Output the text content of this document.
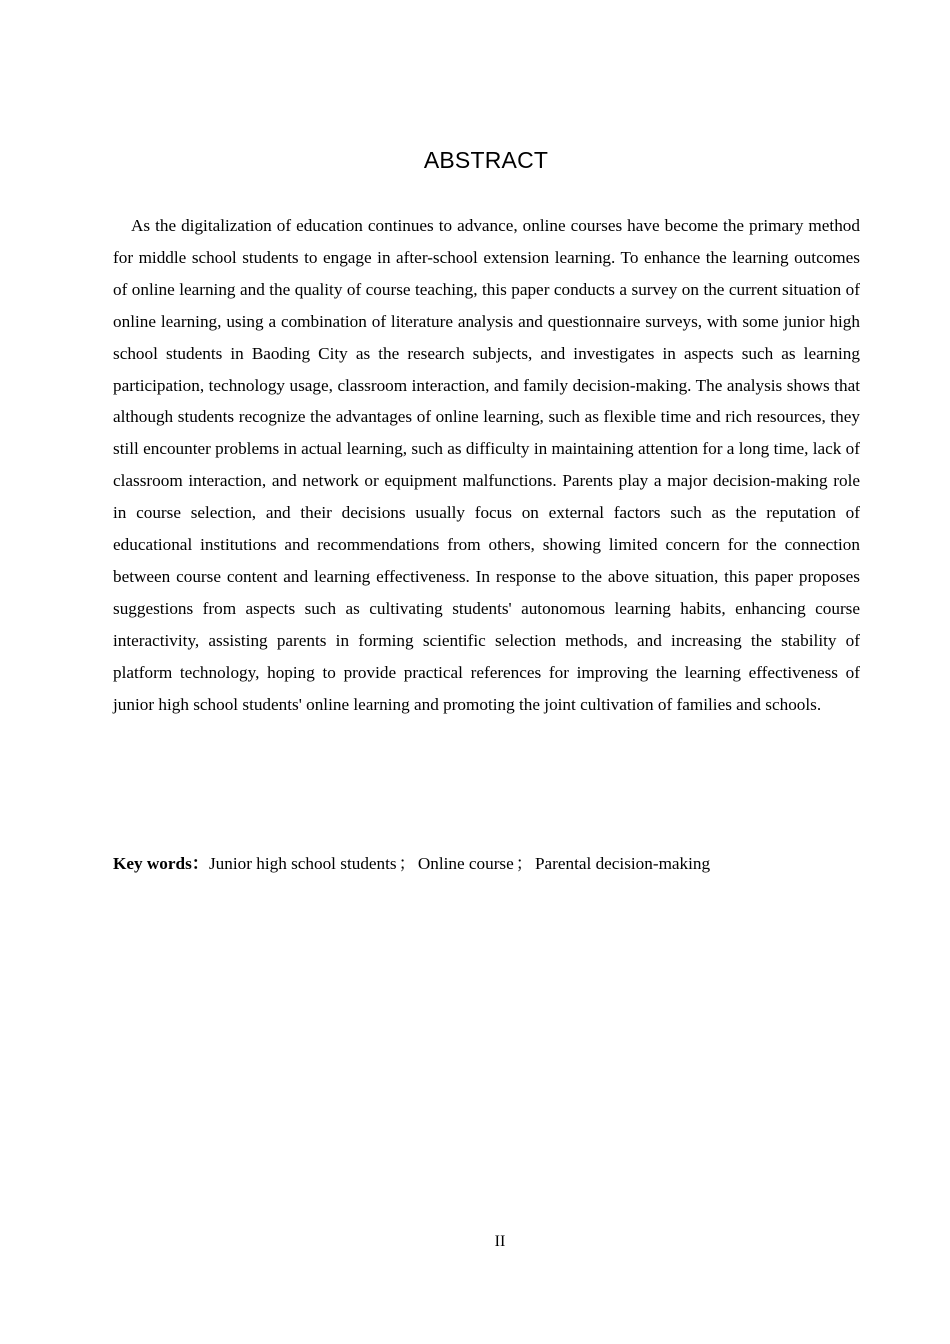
ABSTRACT

As the digitalization of education continues to advance, online courses have become the primary method for middle school students to engage in after-school extension learning. To enhance the learning outcomes of online learning and the quality of course teaching, this paper conducts a survey on the current situation of online learning, using a combination of literature analysis and questionnaire surveys, with some junior high school students in Baoding City as the research subjects, and investigates in aspects such as learning participation, technology usage, classroom interaction, and family decision-making. The analysis shows that although students recognize the advantages of online learning, such as flexible time and rich resources, they still encounter problems in actual learning, such as difficulty in maintaining attention for a long time, lack of classroom interaction, and network or equipment malfunctions. Parents play a major decision-making role in course selection, and their decisions usually focus on external factors such as the reputation of educational institutions and recommendations from others, showing limited concern for the connection between course content and learning effectiveness. In response to the above situation, this paper proposes suggestions from aspects such as cultivating students' autonomous learning habits, enhancing course interactivity, assisting parents in forming scientific selection methods, and increasing the stability of platform technology, hoping to provide practical references for improving the learning effectiveness of junior high school students' online learning and promoting the joint cultivation of families and schools.

Key words：Junior high school students ； Online course ； Parental decision-making
II
